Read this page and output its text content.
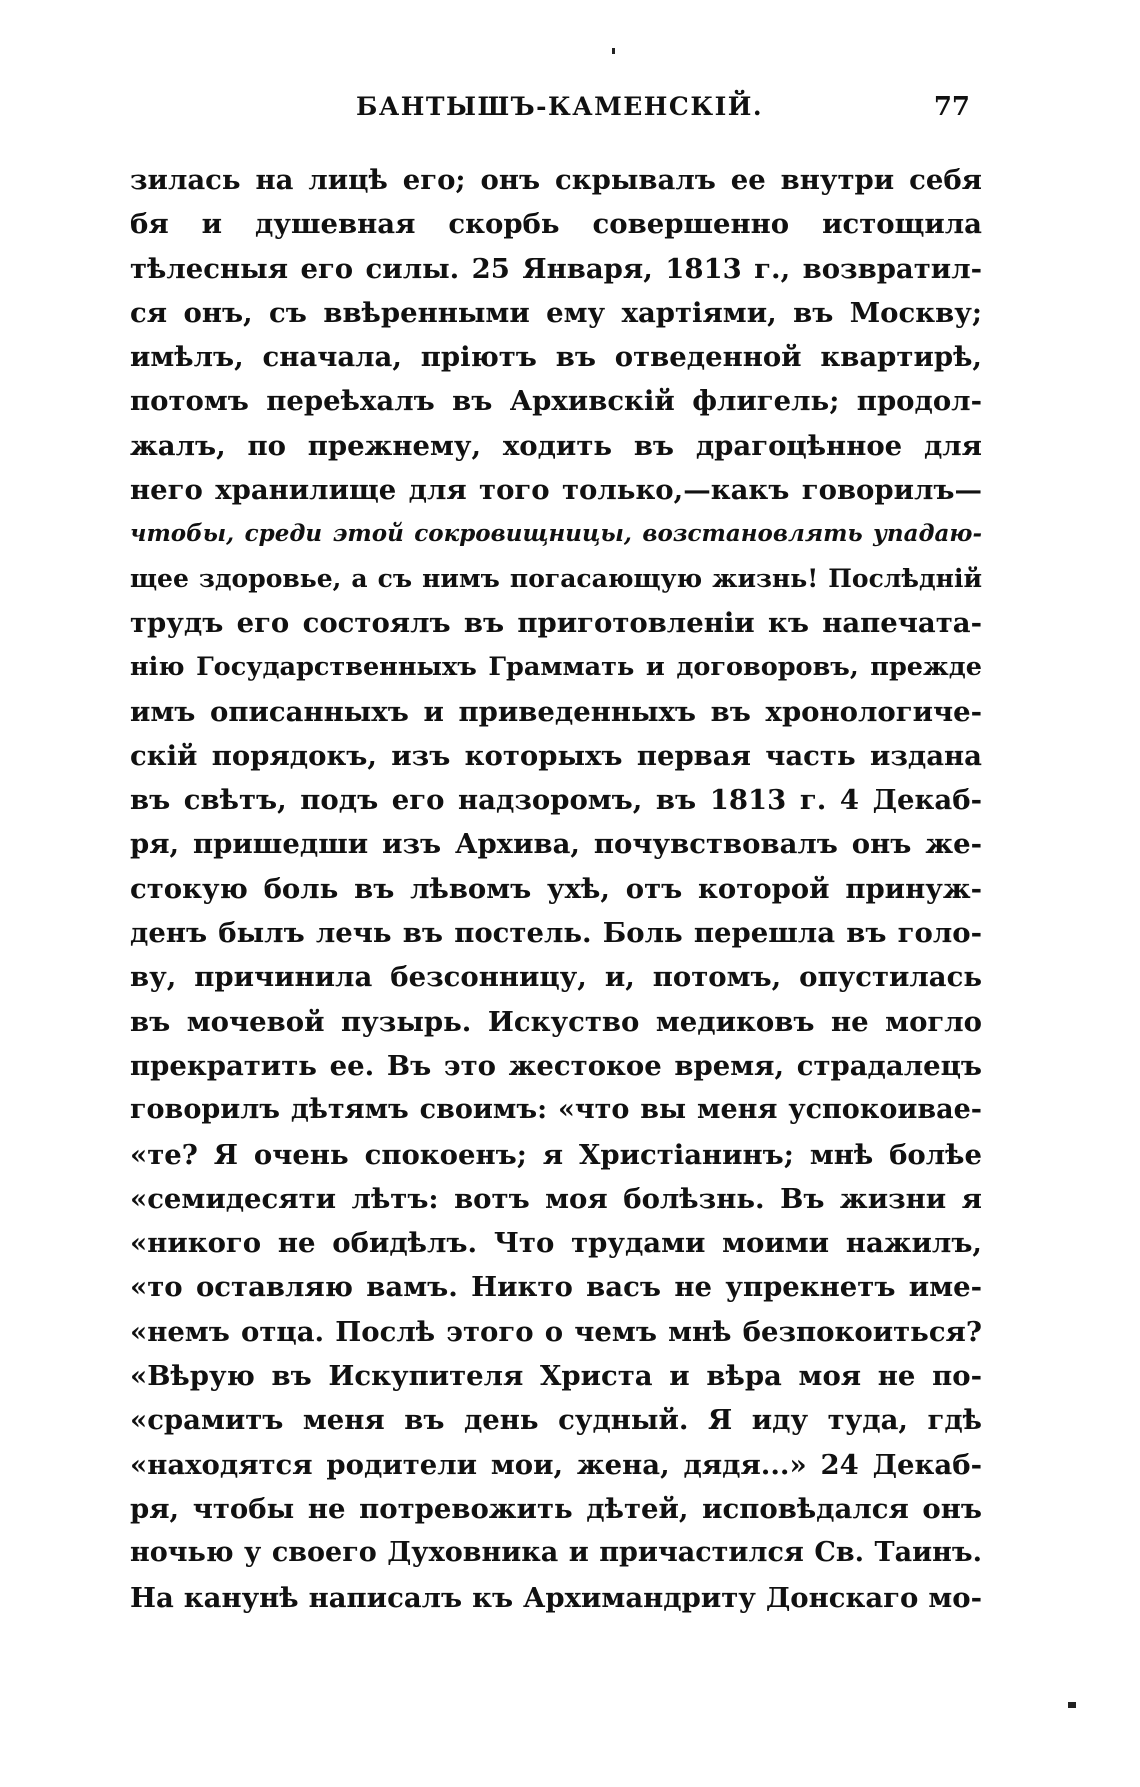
БАНТЫШЪ-КАМЕНСКІЙ.	77
зилась на лицѣ его; онъ скрывалъ ее внутри себя
бя и душевная скорбь совершенно истощила
тѣлесныя его силы. 25 Января, 1813 г., возвратил-
ся онъ, съ ввѣренными ему хартіями, въ Москву;
имѣлъ, сначала, пріютъ въ отведенной квартирѣ,
потомъ переѣхалъ въ Архивскій флигель; продол-
жалъ, по прежнему, ходить въ драгоцѣнное для
него хранилище для того только,—какъ говорилъ—
чтобы, среди этой сокровищницы, возстановлять упадаю-
щее здоровье, а съ нимъ погасающую жизнь! Послѣдній
трудъ его состоялъ въ приготовленіи къ напечата-
нію Государственныхъ Граммать и договоровъ, прежде
имъ описанныхъ и приведенныхъ въ хронологиче-
скій порядокъ, изъ которыхъ первая часть издана
въ свѣтъ, подъ его надзоромъ, въ 1813 г. 4 Декаб-
ря, пришедши изъ Архива, почувствовалъ онъ же-
стокую боль въ лѣвомъ ухѣ, отъ которой принуж-
денъ былъ лечь въ постель. Боль перешла въ голо-
ву, причинила безсонницу, и, потомъ, опустилась
въ мочевой пузырь. Искуство медиковъ не могло
прекратить ее. Въ это жестокое время, страдалецъ
говорилъ дѣтямъ своимъ: «что вы меня успокоивае-
«те? Я очень спокоенъ; я Христіанинъ; мнѣ болѣе
«семидесяти лѣтъ: вотъ моя болѣзнь. Въ жизни я
«никого не обидѣлъ. Что трудами моими нажилъ,
«то оставляю вамъ. Никто васъ не упрекнетъ име-
«немъ отца. Послѣ этого о чемъ мнѣ безпокоиться?
«Вѣрую въ Искупителя Христа и вѣра моя не по-
«срамитъ меня въ день судный. Я иду туда, гдѣ
«находятся родители мои, жена, дядя...» 24 Декаб-
ря, чтобы не потревожить дѣтей, исповѣдался онъ
ночью у своего Духовника и причастился Св. Таинъ.
На канунѣ написалъ къ Архимандриту Донскаго мо-
